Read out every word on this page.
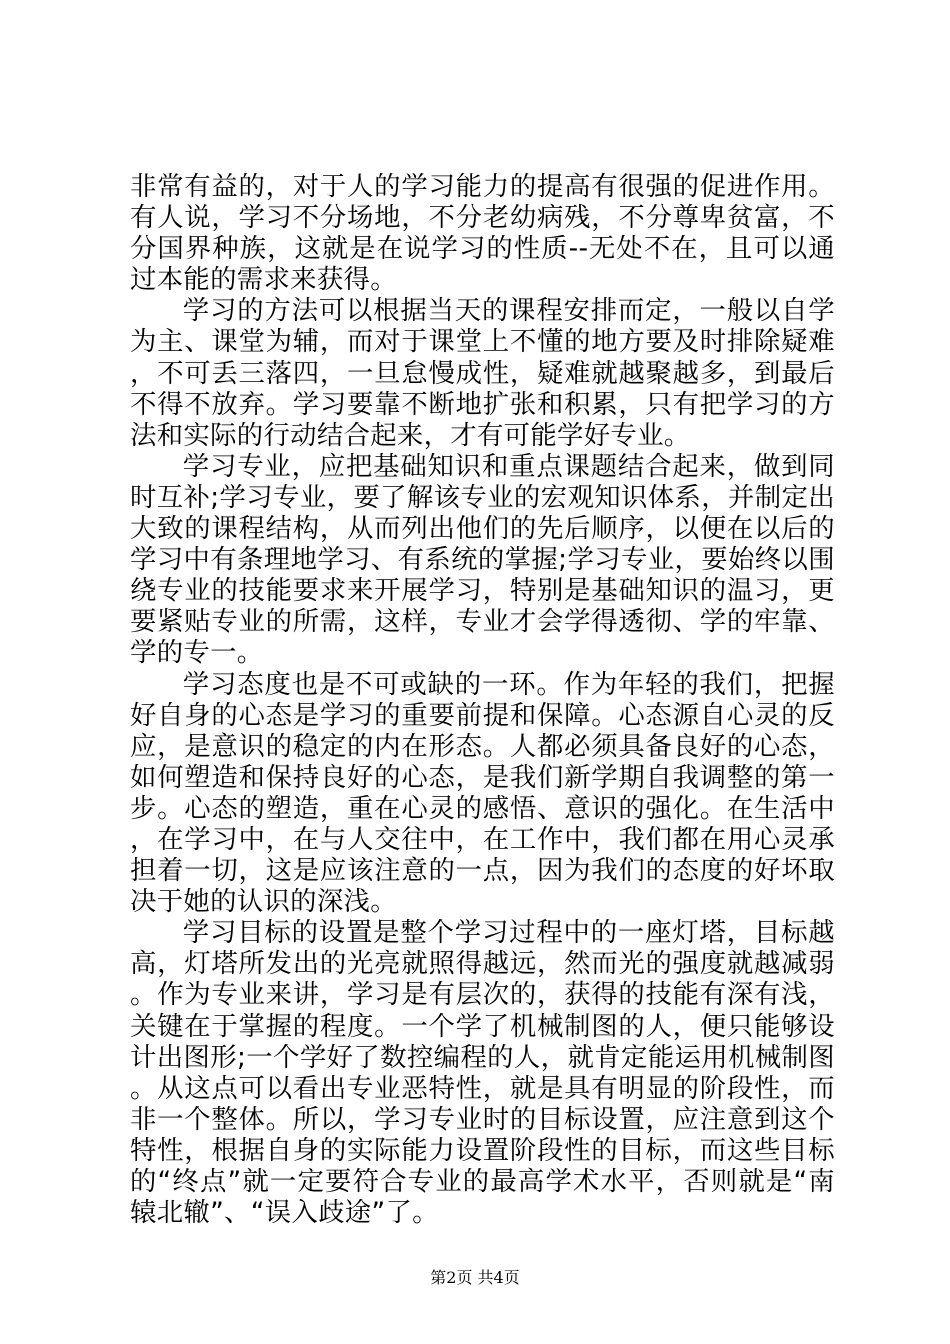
非常有益的，对于人的学习能力的提高有很强的促进作用。有人说，学习不分场地，不分老幼病残，不分尊卑贫富，不分国界种族，这就是在说学习的性质--无处不在，且可以通过本能的需求来获得。

学习的方法可以根据当天的课程安排而定，一般以自学为主、课堂为辅，而对于课堂上不懂的地方要及时排除疑难，不可丢三落四，一旦怠慢成性，疑难就越聚越多，到最后不得不放弃。学习要靠不断地扩张和积累，只有把学习的方法和实际的行动结合起来，才有可能学好专业。

学习专业，应把基础知识和重点课题结合起来，做到同时互补;学习专业，要了解该专业的宏观知识体系，并制定出大致的课程结构，从而列出他们的先后顺序，以便在以后的学习中有条理地学习、有系统的掌握;学习专业，要始终以围绕专业的技能要求来开展学习，特别是基础知识的温习，更要紧贴专业的所需，这样，专业才会学得透彻、学的牢靠、学的专一。

学习态度也是不可或缺的一环。作为年轻的我们，把握好自身的心态是学习的重要前提和保障。心态源自心灵的反应，是意识的稳定的内在形态。人都必须具备良好的心态，如何塑造和保持良好的心态，是我们新学期自我调整的第一步。心态的塑造，重在心灵的感悟、意识的强化。在生活中，在学习中，在与人交往中，在工作中，我们都在用心灵承担着一切，这是应该注意的一点，因为我们的态度的好坏取决于她的认识的深浅。

学习目标的设置是整个学习过程中的一座灯塔，目标越高，灯塔所发出的光亮就照得越远，然而光的强度就越减弱。作为专业来讲，学习是有层次的，获得的技能有深有浅，关键在于掌握的程度。一个学了机械制图的人，便只能够设计出图形;一个学好了数控编程的人，就肯定能运用机械制图。从这点可以看出专业恶特性，就是具有明显的阶段性，而非一个整体。所以，学习专业时的目标设置，应注意到这个特性，根据自身的实际能力设置阶段性的目标，而这些目标的“终点”就一定要符合专业的最高学术水平，否则就是“南辕北辙”、“误入歧途”了。

第2页 共4页
